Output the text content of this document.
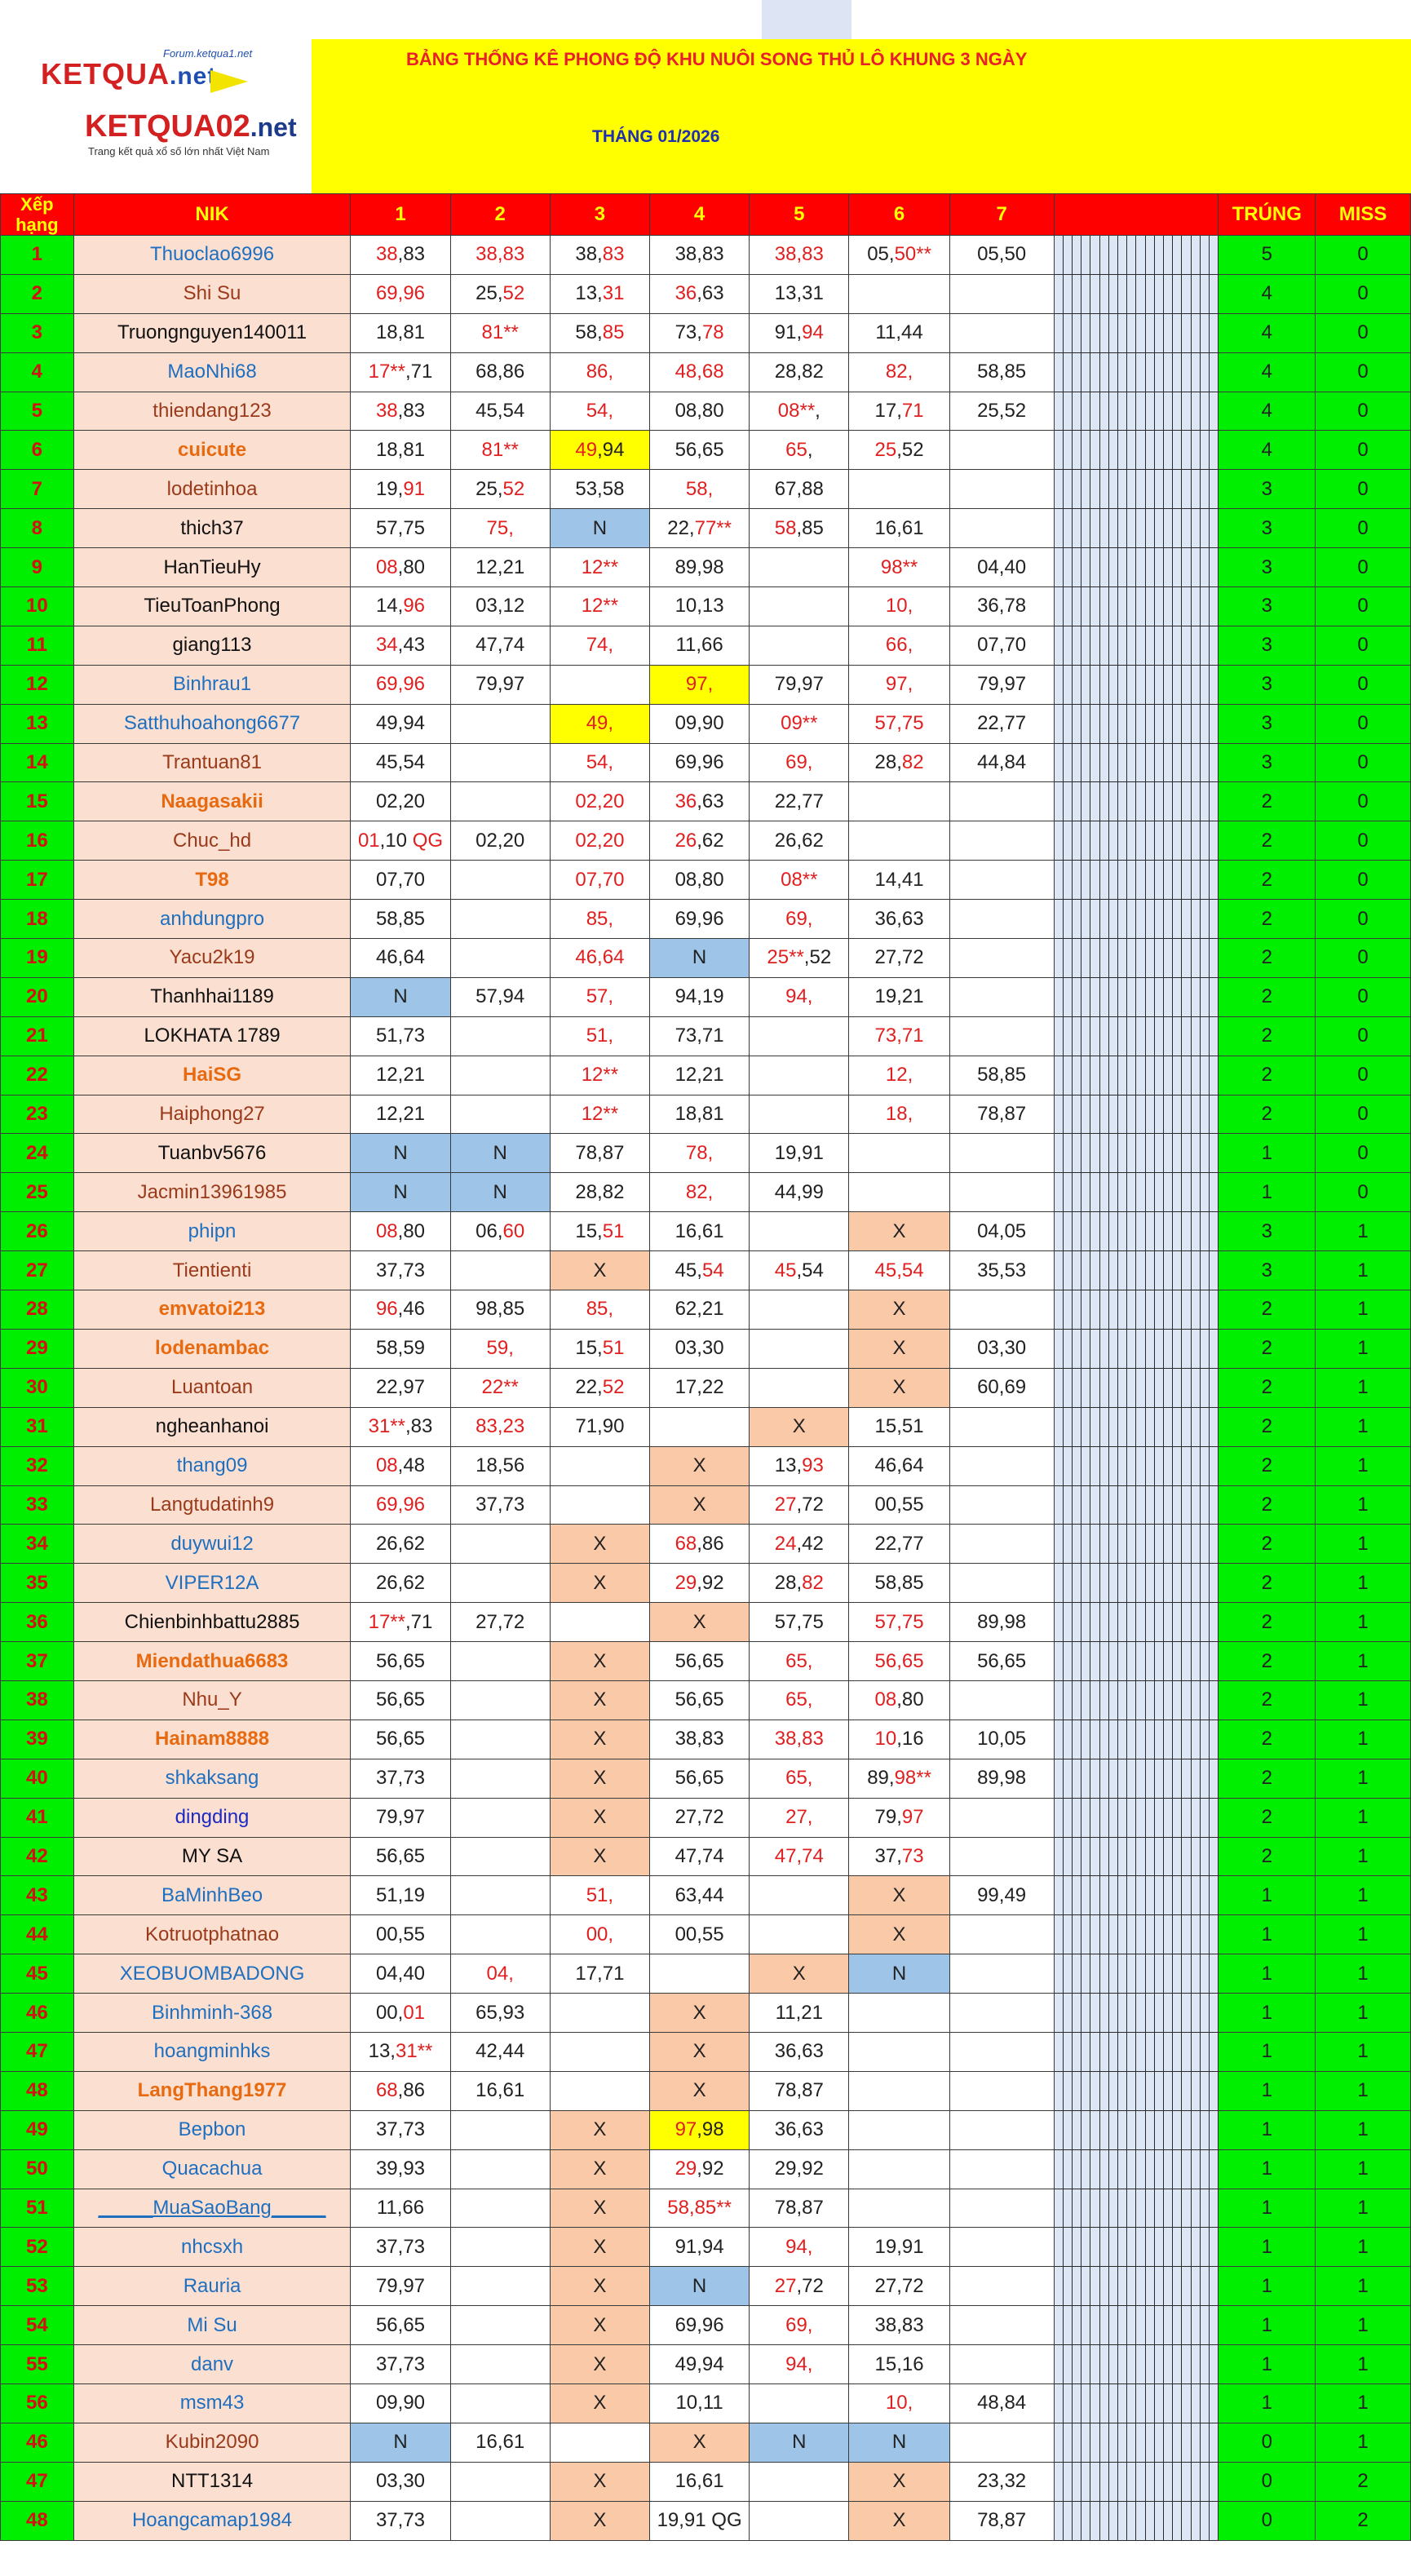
Forum.ketqua1.net
KETQUA.net
KETQUA02.net
Trang kết quả xổ số lớn nhất Việt Nam
BẢNG THỐNG KÊ PHONG ĐỘ KHU NUÔI SONG THỦ LÔ KHUNG 3 NGÀY
THÁNG 01/2026
Xếp hạng	NIK	1	2	3	4	5	6	7																			TRÚNG	MISS
1	Thuoclao6996	38,83	38,83	38,83	38,83	38,83	05,50**	05,50																			5	0
2	Shi Su	69,96	25,52	13,31	36,63	13,31																					4	0
3	Truongnguyen140011	18,81	81**	58,85	73,78	91,94	11,44																				4	0
4	MaoNhi68	17**,71	68,86	86,	48,68	28,82	82,	58,85																			4	0
5	thiendang123	38,83	45,54	54,	08,80	08**,	17,71	25,52																			4	0
6	cuicute	18,81	81**	49,94	56,65	65,	25,52																				4	0
7	lodetinhoa	19,91	25,52	53,58	58,	67,88																					3	0
8	thich37	57,75	75,	N	22,77**	58,85	16,61																				3	0
9	HanTieuHy	08,80	12,21	12**	89,98		98**	04,40																			3	0
10	TieuToanPhong	14,96	03,12	12**	10,13		10,	36,78																			3	0
11	giang113	34,43	47,74	74,	11,66		66,	07,70																			3	0
12	Binhrau1	69,96	79,97		97,	79,97	97,	79,97																			3	0
13	Satthuhoahong6677	49,94		49,	09,90	09**	57,75	22,77																			3	0
14	Trantuan81	45,54		54,	69,96	69,	28,82	44,84																			3	0
15	Naagasakii	02,20		02,20	36,63	22,77																					2	0
16	Chuc_hd	01,10 QG	02,20	02,20	26,62	26,62																					2	0
17	T98	07,70		07,70	08,80	08**	14,41																				2	0
18	anhdungpro	58,85		85,	69,96	69,	36,63																				2	0
19	Yacu2k19	46,64		46,64	N	25**,52	27,72																				2	0
20	Thanhhai1189	N	57,94	57,	94,19	94,	19,21																				2	0
21	LOKHATA 1789	51,73		51,	73,71		73,71																				2	0
22	HaiSG	12,21		12**	12,21		12,	58,85																			2	0
23	Haiphong27	12,21		12**	18,81		18,	78,87																			2	0
24	Tuanbv5676	N	N	78,87	78,	19,91																					1	0
25	Jacmin13961985	N	N	28,82	82,	44,99																					1	0
26	phipn	08,80	06,60	15,51	16,61		X	04,05																			3	1
27	Tientienti	37,73		X	45,54	45,54	45,54	35,53																			3	1
28	emvatoi213	96,46	98,85	85,	62,21		X																				2	1
29	lodenambac	58,59	59,	15,51	03,30		X	03,30																			2	1
30	Luantoan	22,97	22**	22,52	17,22		X	60,69																			2	1
31	ngheanhanoi	31**,83	83,23	71,90		X	15,51																				2	1
32	thang09	08,48	18,56		X	13,93	46,64																				2	1
33	Langtudatinh9	69,96	37,73		X	27,72	00,55																				2	1
34	duywui12	26,62		X	68,86	24,42	22,77																				2	1
35	VIPER12A	26,62		X	29,92	28,82	58,85																				2	1
36	Chienbinhbattu2885	17**,71	27,72		X	57,75	57,75	89,98																			2	1
37	Miendathua6683	56,65		X	56,65	65,	56,65	56,65																			2	1
38	Nhu_Y	56,65		X	56,65	65,	08,80																				2	1
39	Hainam8888	56,65		X	38,83	38,83	10,16	10,05																			2	1
40	shkaksang	37,73		X	56,65	65,	89,98**	89,98																			2	1
41	dingding	79,97		X	27,72	27,	79,97																				2	1
42	MY SA	56,65		X	47,74	47,74	37,73																				2	1
43	BaMinhBeo	51,19		51,	63,44		X	99,49																			1	1
44	Kotruotphatnao	00,55		00,	00,55		X																				1	1
45	XEOBUOMBADONG	04,40	04,	17,71		X	N																				1	1
46	Binhminh-368	00,01	65,93		X	11,21																					1	1
47	hoangminhks	13,31**	42,44		X	36,63																					1	1
48	LangThang1977	68,86	16,61		X	78,87																					1	1
49	Bepbon	37,73		X	97,98	36,63																					1	1
50	Quacachua	39,93		X	29,92	29,92																					1	1
51	_____MuaSaoBang_____	11,66		X	58,85**	78,87																					1	1
52	nhcsxh	37,73		X	91,94	94,	19,91																				1	1
53	Rauria	79,97		X	N	27,72	27,72																				1	1
54	Mi Su	56,65		X	69,96	69,	38,83																				1	1
55	danv	37,73		X	49,94	94,	15,16																				1	1
56	msm43	09,90		X	10,11		10,	48,84																			1	1
46	Kubin2090	N	16,61		X	N	N																				0	1
47	NTT1314	03,30		X	16,61		X	23,32																			0	2
48	Hoangcamap1984	37,73		X	19,91 QG		X	78,87																			0	2
